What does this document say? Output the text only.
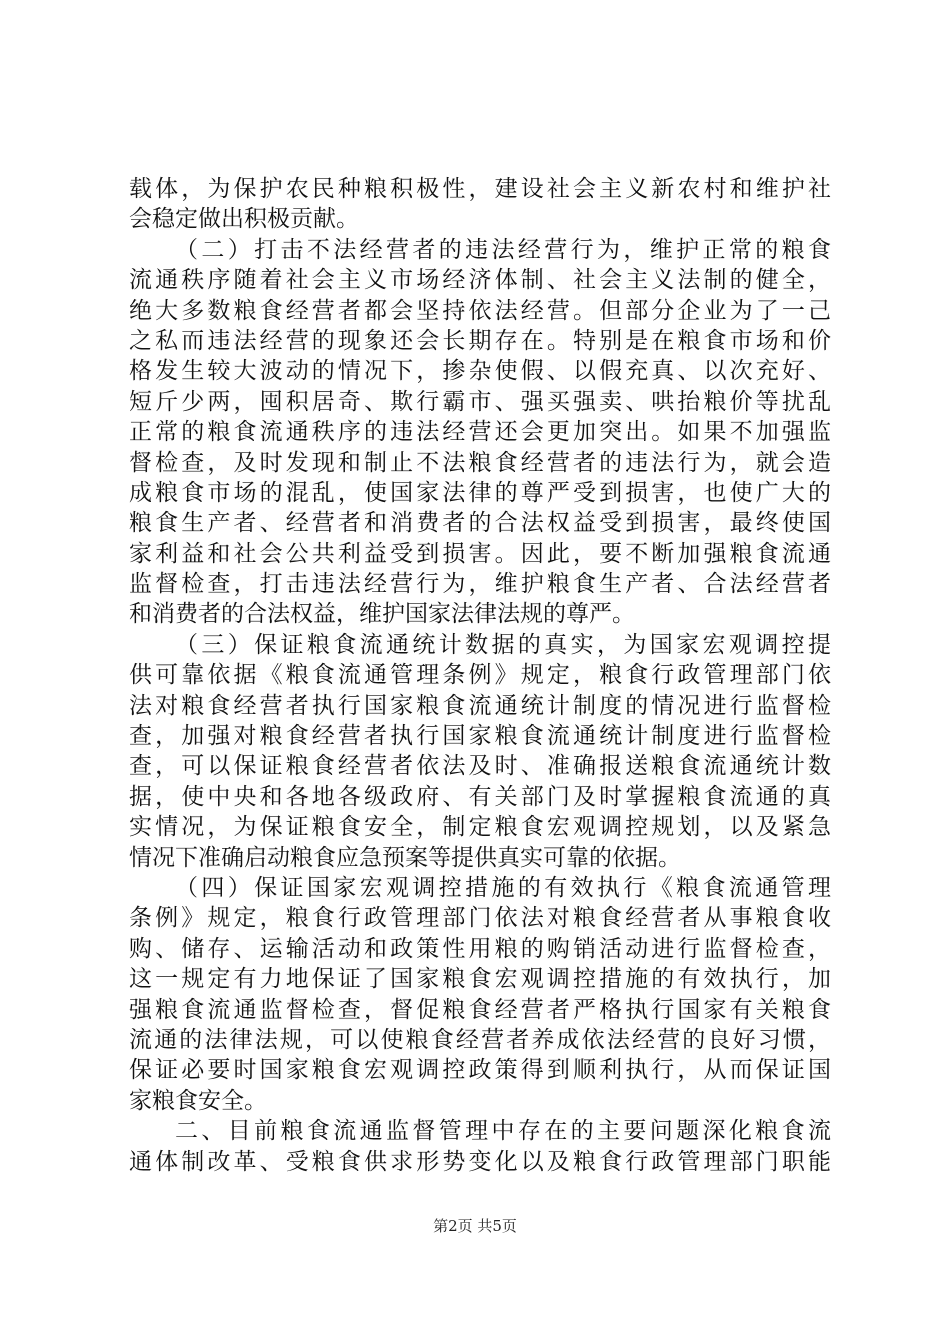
载体，为保护农民种粮积极性，建设社会主义新农村和维护社
会稳定做出积极贡献。
（二）打击不法经营者的违法经营行为，维护正常的粮食
流通秩序随着社会主义市场经济体制、社会主义法制的健全，
绝大多数粮食经营者都会坚持依法经营。但部分企业为了一己
之私而违法经营的现象还会长期存在。特别是在粮食市场和价
格发生较大波动的情况下，掺杂使假、以假充真、以次充好、
短斤少两，囤积居奇、欺行霸市、强买强卖、哄抬粮价等扰乱
正常的粮食流通秩序的违法经营还会更加突出。如果不加强监
督检查，及时发现和制止不法粮食经营者的违法行为，就会造
成粮食市场的混乱，使国家法律的尊严受到损害，也使广大的
粮食生产者、经营者和消费者的合法权益受到损害，最终使国
家利益和社会公共利益受到损害。因此，要不断加强粮食流通
监督检查，打击违法经营行为，维护粮食生产者、合法经营者
和消费者的合法权益，维护国家法律法规的尊严。
（三）保证粮食流通统计数据的真实，为国家宏观调控提
供可靠依据《粮食流通管理条例》规定，粮食行政管理部门依
法对粮食经营者执行国家粮食流通统计制度的情况进行监督检
查，加强对粮食经营者执行国家粮食流通统计制度进行监督检
查，可以保证粮食经营者依法及时、准确报送粮食流通统计数
据，使中央和各地各级政府、有关部门及时掌握粮食流通的真
实情况，为保证粮食安全，制定粮食宏观调控规划，以及紧急
情况下准确启动粮食应急预案等提供真实可靠的依据。
（四）保证国家宏观调控措施的有效执行《粮食流通管理
条例》规定，粮食行政管理部门依法对粮食经营者从事粮食收
购、储存、运输活动和政策性用粮的购销活动进行监督检查，
这一规定有力地保证了国家粮食宏观调控措施的有效执行，加
强粮食流通监督检查，督促粮食经营者严格执行国家有关粮食
流通的法律法规，可以使粮食经营者养成依法经营的良好习惯，
保证必要时国家粮食宏观调控政策得到顺利执行，从而保证国
家粮食安全。
二、目前粮食流通监督管理中存在的主要问题深化粮食流
通体制改革、受粮食供求形势变化以及粮食行政管理部门职能
第2页 共5页
